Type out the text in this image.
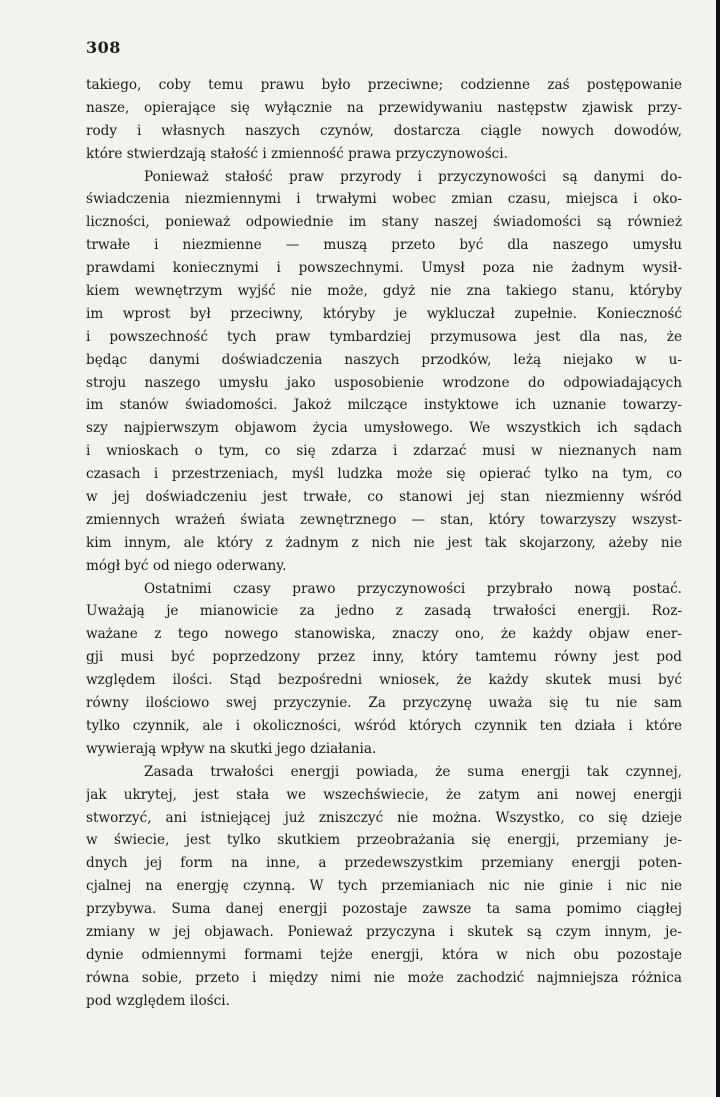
308
takiego, coby temu prawu było przeciwne; codzienne zaś postępowanie
nasze, opierające się wyłącznie na przewidywaniu następstw zjawisk przy-
rody i własnych naszych czynów, dostarcza ciągle nowych dowodów,
które stwierdzają stałość i zmienność prawa przyczynowości.
Ponieważ stałość praw przyrody i przyczynowości są danymi do-
świadczenia niezmiennymi i trwałymi wobec zmian czasu, miejsca i oko-
liczności, ponieważ odpowiednie im stany naszej świadomości są również
trwałe i niezmienne — muszą przeto być dla naszego umysłu
prawdami koniecznymi i powszechnymi. Umysł poza nie żadnym wysił-
kiem wewnętrzym wyjść nie może, gdyż nie zna takiego stanu, któryby
im wprost był przeciwny, któryby je wykluczał zupełnie. Konieczność
i powszechność tych praw tymbardziej przymusowa jest dla nas, że
będąc danymi doświadczenia naszych przodków, leżą niejako w u-
stroju naszego umysłu jako usposobienie wrodzone do odpowiadających
im stanów świadomości. Jakoż milczące instyktowe ich uznanie towarzy-
szy najpierwszym objawom życia umysłowego. We wszystkich ich sądach
i wnioskach o tym, co się zdarza i zdarzać musi w nieznanych nam
czasach i przestrzeniach, myśl ludzka może się opierać tylko na tym, co
w jej doświadczeniu jest trwałe, co stanowi jej stan niezmienny wśród
zmiennych wrażeń świata zewnętrznego — stan, który towarzyszy wszyst-
kim innym, ale który z żadnym z nich nie jest tak skojarzony, ażeby nie
mógł być od niego oderwany.
Ostatnimi czasy prawo przyczynowości przybrało nową postać.
Uważają je mianowicie za jedno z zasadą trwałości energji. Roz-
ważane z tego nowego stanowiska, znaczy ono, że każdy objaw ener-
gji musi być poprzedzony przez inny, który tamtemu równy jest pod
względem ilości. Stąd bezpośredni wniosek, że każdy skutek musi być
równy ilościowo swej przyczynie. Za przyczynę uważa się tu nie sam
tylko czynnik, ale i okoliczności, wśród których czynnik ten działa i które
wywierają wpływ na skutki jego działania.
Zasada trwałości energji powiada, że suma energji tak czynnej,
jak ukrytej, jest stała we wszechświecie, że zatym ani nowej energji
stworzyć, ani istniejącej już zniszczyć nie można. Wszystko, co się dzieje
w świecie, jest tylko skutkiem przeobrażania się energji, przemiany je-
dnych jej form na inne, a przedewszystkim przemiany energji poten-
cjalnej na energję czynną. W tych przemianiach nic nie ginie i nic nie
przybywa. Suma danej energji pozostaje zawsze ta sama pomimo ciągłej
zmiany w jej objawach. Ponieważ przyczyna i skutek są czym innym, je-
dynie odmiennymi formami tejże energji, która w nich obu pozostaje
równa sobie, przeto i między nimi nie może zachodzić najmniejsza różnica
pod względem ilości.
